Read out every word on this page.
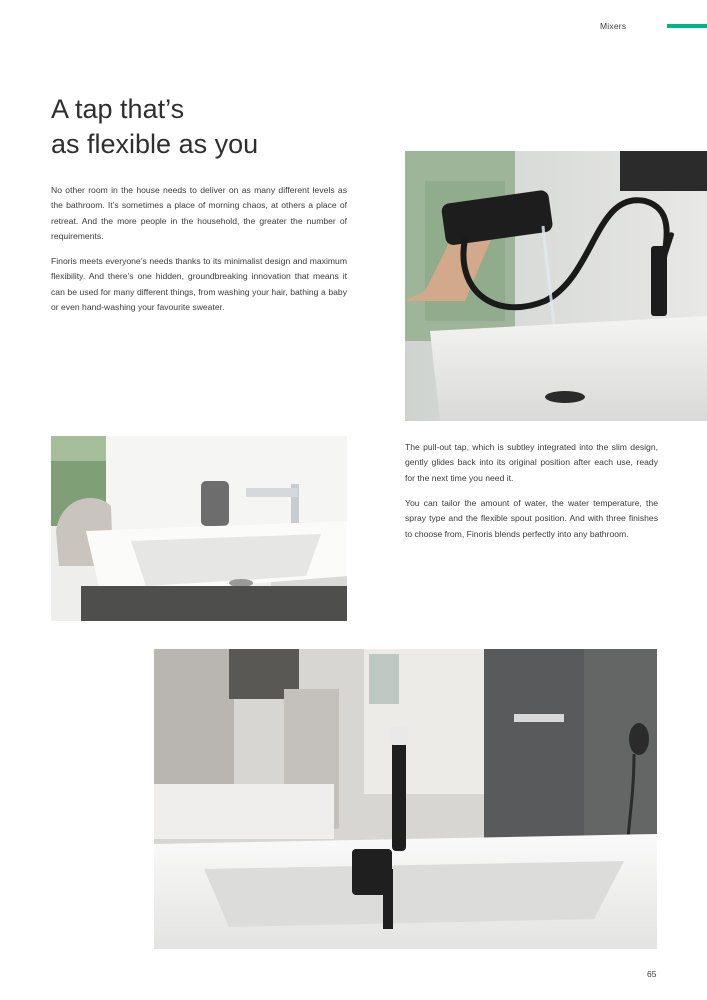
Mixers
A tap that’s
as flexible as you

No other room in the house needs to deliver on as many different levels as the bathroom. It’s sometimes a place of morning chaos, at others a place of retreat. And the more people in the household, the greater the number of requirements.

Finoris meets everyone’s needs thanks to its minimalist design and maximum flexibility. And there’s one hidden, groundbreaking innovation that means it can be used for many different things, from washing your hair, bathing a baby or even hand-washing your favourite sweater.

The pull-out tap, which is subtley integrated into the slim design, gently glides back into its original position after each use, ready for the next time you need it.

You can tailor the amount of water, the water temperature, the spray type and the flexible spout position. And with three finishes to choose from, Finoris blends perfectly into any bathroom.

65
